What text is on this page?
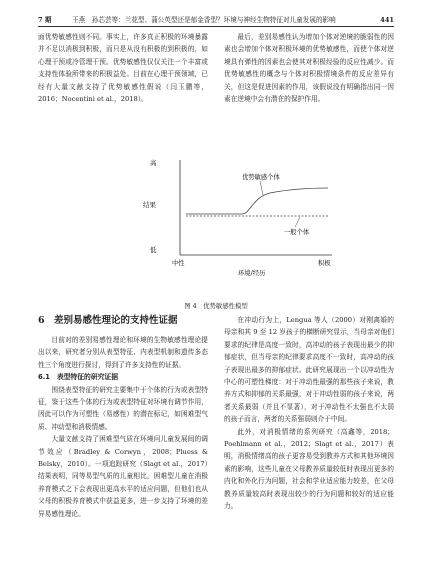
7 期	王燕　孙芯芸等：兰花型、蒲公英型还是郁金香型？环境与神经生物特征对儿童发展的影响	441

面优势敏感性则不同。事实上，许多真正积极的环境暴露并不足以消极到积极，而只是从没有积极的到积极的，如心理干预或冷管理干预。优势敏感性仅仅关注一个丰富或支持性体验所带来的积极益处。目前在心理干预领域，已经有大量文献支持了优势敏感性假说（闫玉鹏等，2016；Nocentini et al.，2018）。

最后，差别易感性认为增加个体对逆境的脆弱性的因素也会增加个体对积极环境的优势敏感性，而使个体对逆境具有弹性的因素也会使其对积极经验的反应性减少。而优势敏感性的概念与个体对积极情境条件的反应差异有关，但这是促进因素的作用，该假说没有明确指出同一因素在逆境中会有潜在的保护作用。

高
结果
低
中性	积极
环境/经历
优势敏感个体
一般个体
图 4　优势敏感性模型
6 差别易感性理论的支持性证据

目前对的差别易感性理论和环境的生物敏感性理论提出以来，研究者分别从表型特征、内表型机制和遗传多态性三个角度进行探讨，得到了许多支持性的证据。

6.1　表型特征的研究证据

围绕表型特征的研究主要集中于个体的行为或表型特征，鉴于这些个体的行为或表型特征对环境有调节作用，因此可以作为可塑性（易感性）的潜在标记，如困难型气质、冲动型和消极情感。

大量文献支持了困难型气质在环境问儿童发展间的调节效应（Bradley & Corwyn，2008；Pluess & Belsky，2010）。一项追踪研究（Slagt et al.，2017）结果表明，同等易型气质的儿童相比，困难型儿童在消极养育模式之下会表现出更高水平的适应问题，但他们也从父母的积极养育模式中获益更多，进一步支持了环境的差异易感性理论。

在冲动行为上，Lengua 等人（2000）对刚离婚的母亲和其 9 至 12 岁孩子的横断研究显示，当母亲对他们要求的纪律是高度一致时，高冲动的孩子表现出最少的抑郁症状，但当母亲的纪律要求高度不一致时，高冲动的孩子表现出最多的抑郁症状。此研究展现出一个以冲动性为中心的可塑性梯度：对于冲动性最强的那些孩子来说，教养方式和抑郁的关系最强，对于冲动性弱的孩子来说，两者关系最弱（并且不显著），对于冲动性不太强也不太弱的孩子而言，两者的关系强弱则介于中间。

此外，对消极情绪的系列研究（高鑫等，2018；Poehlmann et al.，2012；Slagt et al.，2017）表明，消极情绪高的孩子更容易受到教养方式和其他环境因素的影响，这些儿童在父母教养质量较低时表现出更多的内化和外化行为问题，社会和学业适应能力较差，在父母教养质量较高时表现出较少的行为问题和较好的适应能力。
